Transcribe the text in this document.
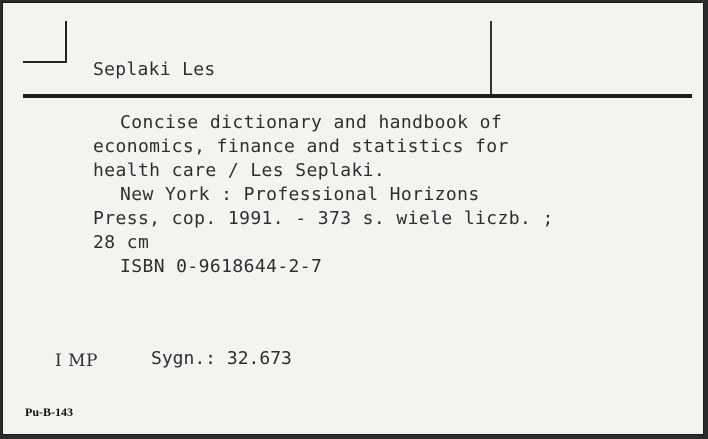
Seplaki Les
Concise dictionary and handbook of
economics, finance and statistics for
health care / Les Seplaki.
New York : Professional Horizons
Press, cop. 1991. - 373 s. wiele liczb. ;
28 cm
ISBN 0-9618644-2-7
I MP	Sygn.: 32.673
Pu-B-143
